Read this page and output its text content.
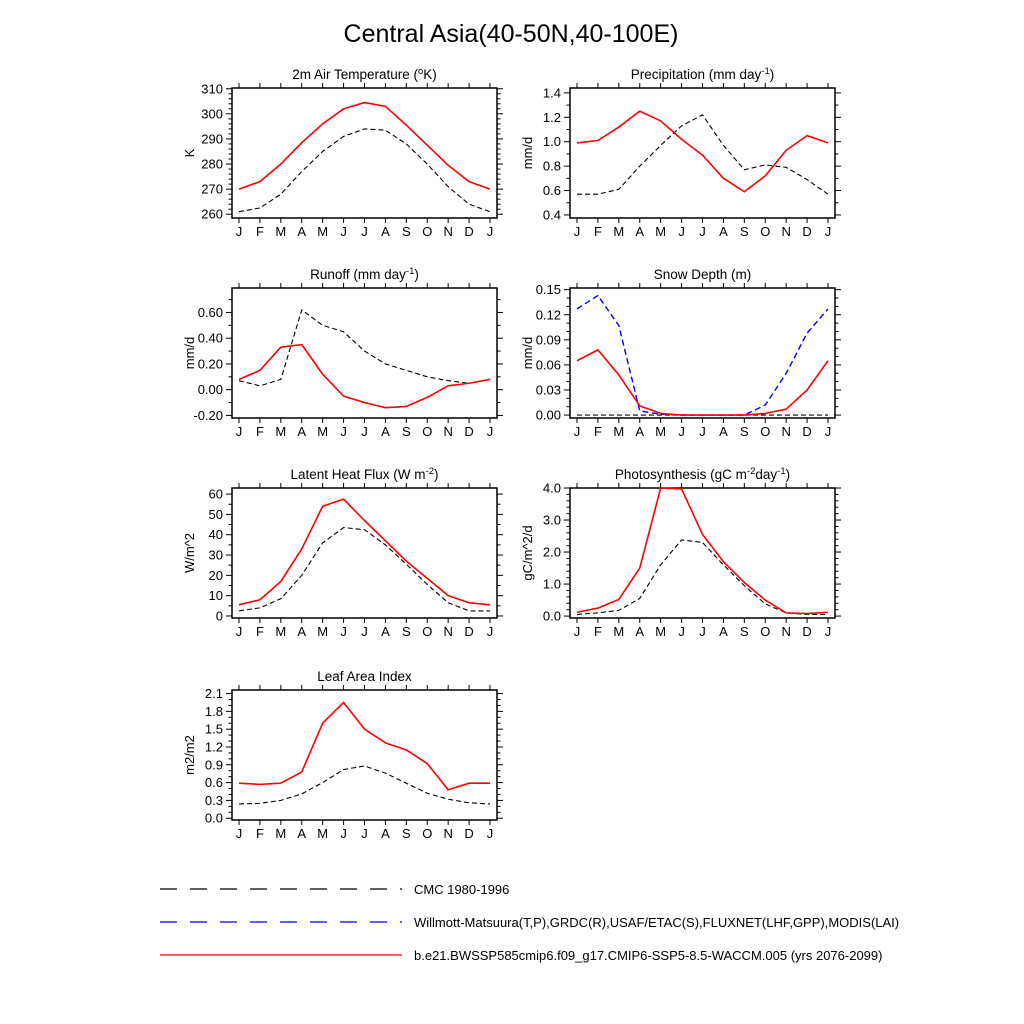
Central Asia(40-50N,40-100E)
J F M A M J J A S O N D J
260
270
280
290
300
310
2m Air Temperature ($^o$K)
K
J F M A M J J A S O N D J
0.4
0.6
0.8
1.0
1.2
1.4
Precipitation (mm day$^{-1}$)
mm/d
J F M A M J J A S O N D J
-0.20
0.00
0.20
0.40
0.60
Runoff (mm day$^{-1}$)
mm/d
J F M A M J J A S O N D J
0.00
0.03
0.06
0.09
0.12
0.15
Snow Depth (m)
mm/d
J F M A M J J A S O N D J
0
10
20
30
40
50
60
Latent Heat Flux (W $m^{-2}$)
W/m^2
J F M A M J J A S O N D J
0.0
1.0
2.0
3.0
4.0
Photosynthesis (gC $m^{-2}day^{-1}$)
gC/m^2/d
J F M A M J J A S O N D J
0.0
0.3
0.6
0.9
1.2
1.5
1.8
2.1
Leaf Area Index
m2/m2
CMC 1980-1996
Willmott-Matsuura(T,P),GRDC(R),USAF/ETAC(S),FLUXNET(LHF,GPP),MODIS(LAI)
b.e21.BWSSP585cmip6.f09_g17.CMIP6-SSP5-8.5-WACCM.005 (yrs 2076-2099)
